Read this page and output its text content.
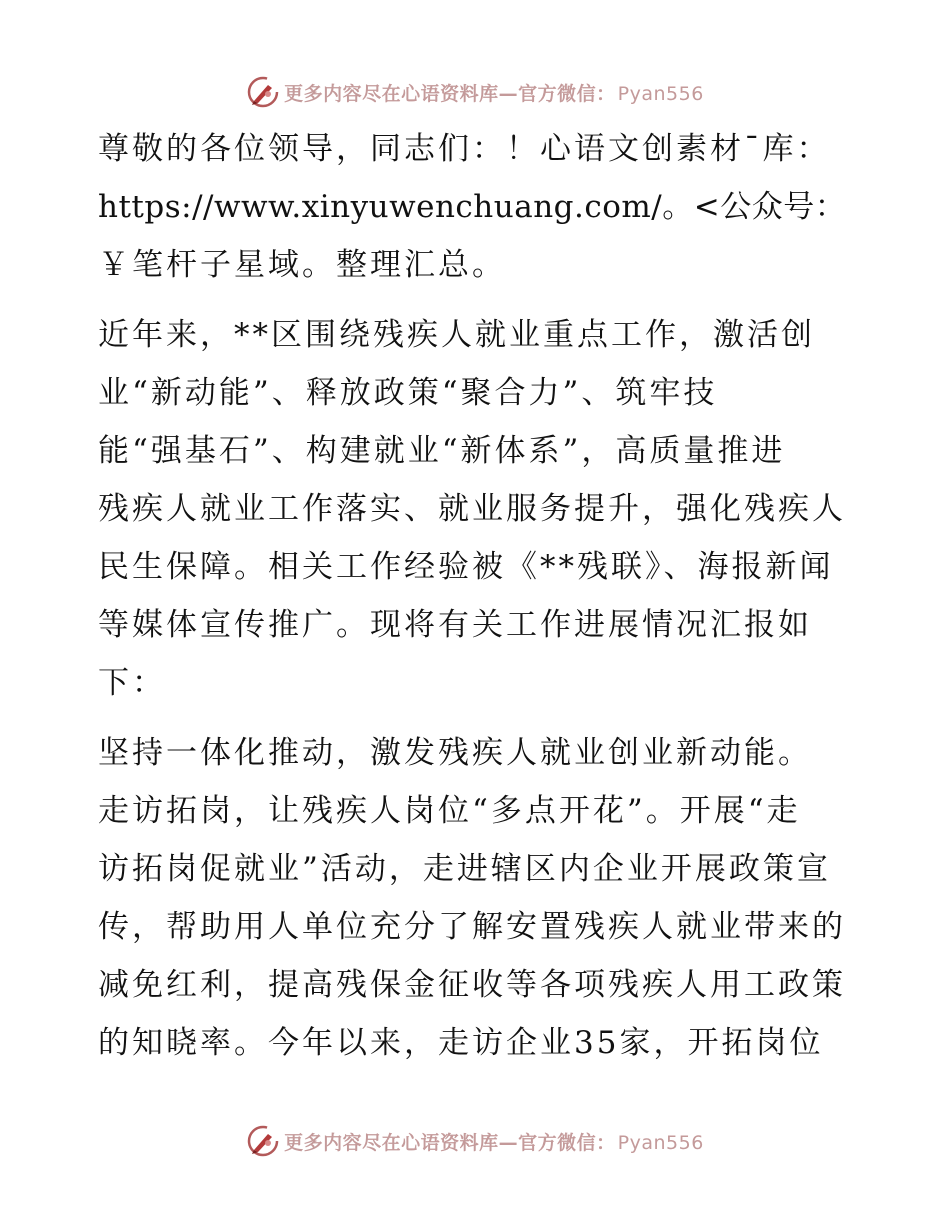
更多内容尽在心语资料库—官方微信： Pyan556

尊敬的各位领导，同志们：！心语文创素材¯库：
https://www.xinyuwenchuang.com/。<公众号：
￥笔杆子星域。整理汇总。

近年来，**区围绕残疾人就业重点工作，激活创
业“新动能”、释放政策“聚合力”、筑牢技
能“强基石”、构建就业“新体系”，高质量推进
残疾人就业工作落实、就业服务提升，强化残疾人
民生保障。相关工作经验被《**残联》、海报新闻
等媒体宣传推广。现将有关工作进展情况汇报如
下：

坚持一体化推动，激发残疾人就业创业新动能。
走访拓岗，让残疾人岗位“多点开花”。开展“走
访拓岗促就业”活动，走进辖区内企业开展政策宣
传，帮助用人单位充分了解安置残疾人就业带来的
减免红利，提高残保金征收等各项残疾人用工政策
的知晓率。今年以来，走访企业35家，开拓岗位

更多内容尽在心语资料库—官方微信： Pyan556
